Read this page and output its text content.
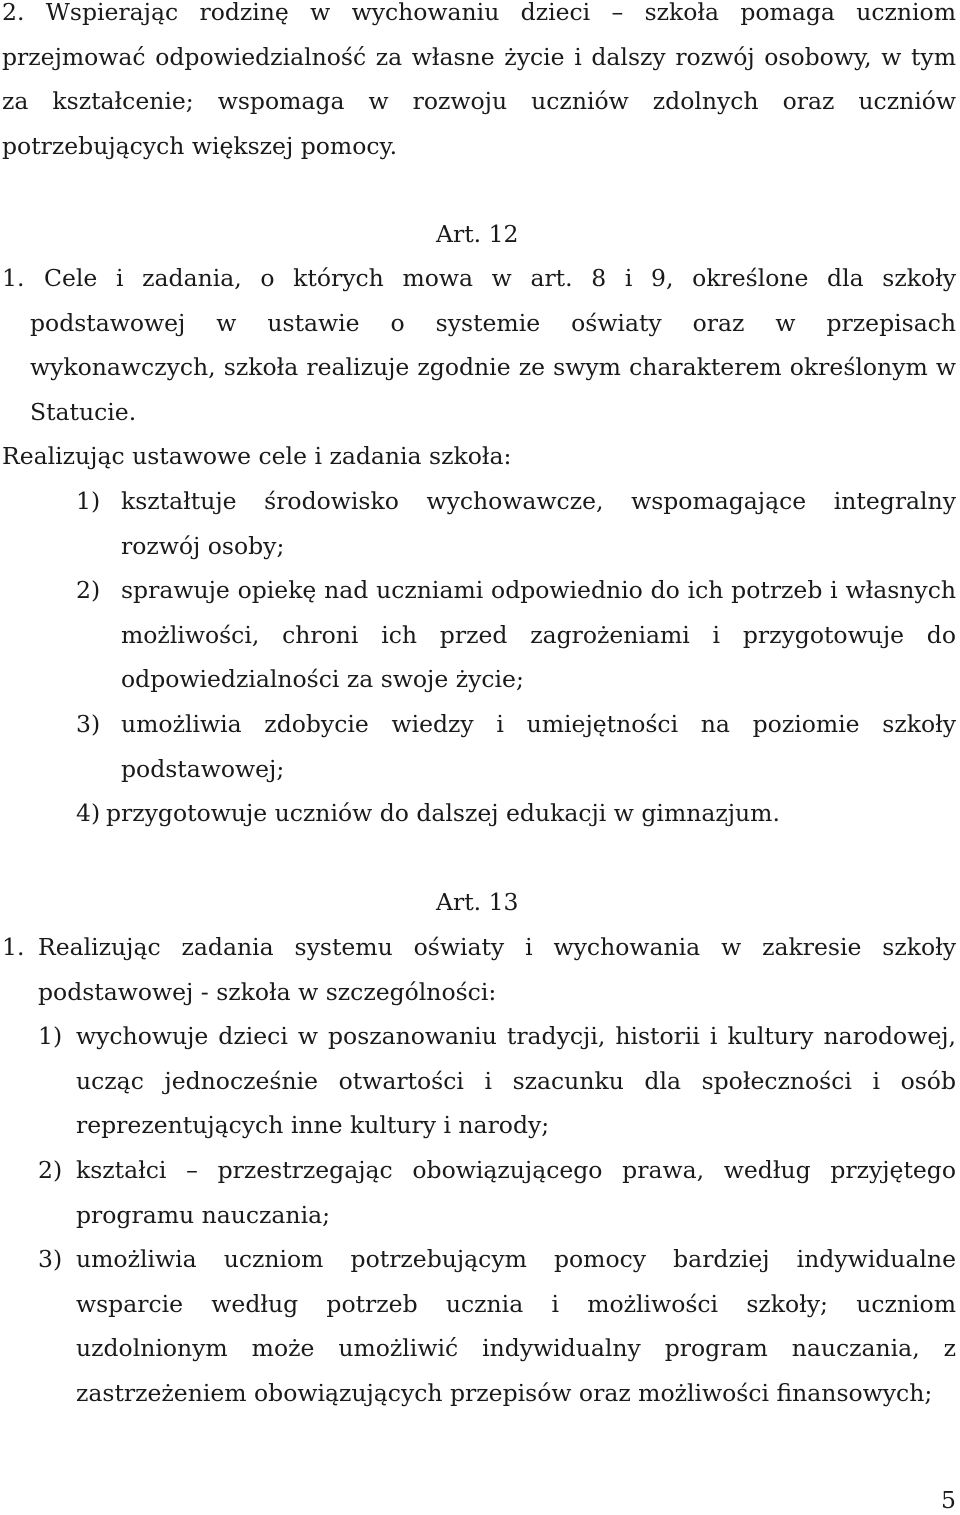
2. Wspierając rodzinę w wychowaniu dzieci – szkoła pomaga uczniom przejmować odpowiedzialność za własne życie i dalszy rozwój osobowy, w tym za kształcenie; wspomaga w rozwoju uczniów zdolnych oraz uczniów potrzebujących większej pomocy.
Art. 12
1. Cele i zadania, o których mowa w art. 8 i 9, określone dla szkoły podstawowej w ustawie o systemie oświaty oraz w przepisach wykonawczych, szkoła realizuje zgodnie ze swym charakterem określonym w Statucie.
Realizując ustawowe cele i zadania szkoła:
1) kształtuje środowisko wychowawcze, wspomagające integralny rozwój osoby;
2) sprawuje opiekę nad uczniami odpowiednio do ich potrzeb i własnych możliwości, chroni ich przed zagrożeniami i przygotowuje do odpowiedzialności za swoje życie;
3) umożliwia zdobycie wiedzy i umiejętności na poziomie szkoły podstawowej;
4) przygotowuje uczniów do dalszej edukacji w gimnazjum.
Art. 13
1. Realizując zadania systemu oświaty i wychowania w zakresie szkoły podstawowej - szkoła w szczególności:
1) wychowuje dzieci w poszanowaniu tradycji, historii i kultury narodowej, ucząc jednocześnie otwartości i szacunku dla społeczności i osób reprezentujących inne kultury i narody;
2) kształci – przestrzegając obowiązującego prawa, według przyjętego programu nauczania;
3) umożliwia uczniom potrzebującym pomocy bardziej indywidualne wsparcie według potrzeb ucznia i możliwości szkoły; uczniom uzdolnionym może umożliwić indywidualny program nauczania, z zastrzeżeniem obowiązujących przepisów oraz możliwości finansowych;
5
